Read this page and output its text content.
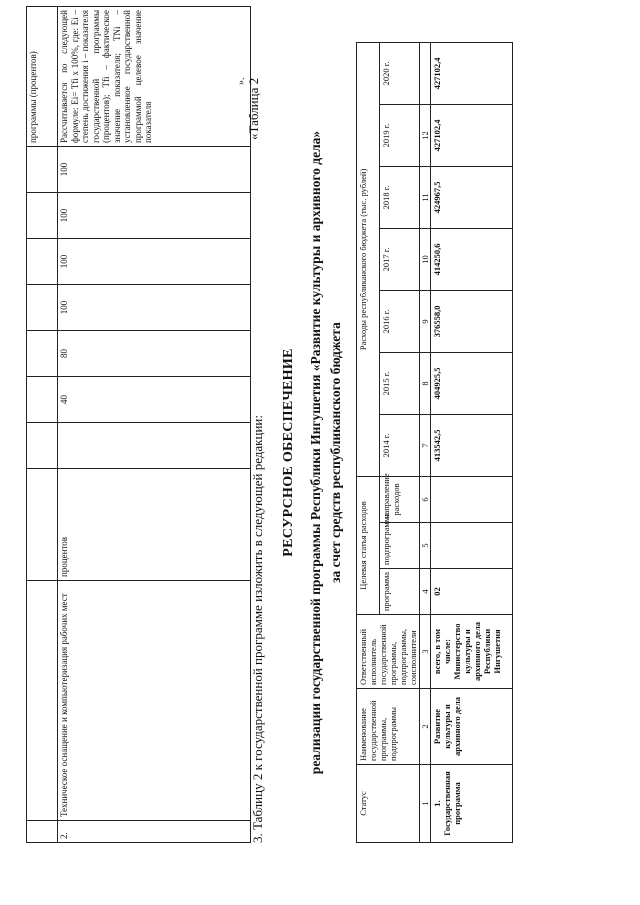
										программы (процентов)
2.	Техническое оснащение и компьютеризация рабочих мест	процентов		40	80	100	100	100	100	Рассчитывается по следующей формуле: Ei= Tfi x 100%, где: Ei – степень достижения i – показателя государственной программы (процентов); Tfi – фактическое значение показателя; TNi – установленное государственной программой целевое значение показателя
».
3. Таблицу 2 к государственной программе изложить в следующей редакции:
«Таблица 2
РЕСУРСНОЕ ОБЕСПЕЧЕНИЕ реализации государственной программы Республики Ингушетия «Развитие культуры и архивного дела» за счет средств республиканского бюджета
Статус	Наименование государственной программы, подпрограммы	Ответственный исполнитель государственной программы, подпрограммы, соисполнители	Целевая статья расходов			Расходы республиканского бюджета (тыс. рублей)						
			программа	подпрограмма	направление расходов	2014 г.	2015 г.	2016 г.	2017 г.	2018 г.	2019 г.	2020 г.
1	2	3	4	5	6	7	8	9	10	11	12	
1. Государственная программа	Развитие культуры и архивного дела	всего, в том числе: Министерство культуры и архивного дела Республики Ингушетия	02			413542,5	404925,5	376558,0	414250,6	424967,5	427102,4	427102,4
